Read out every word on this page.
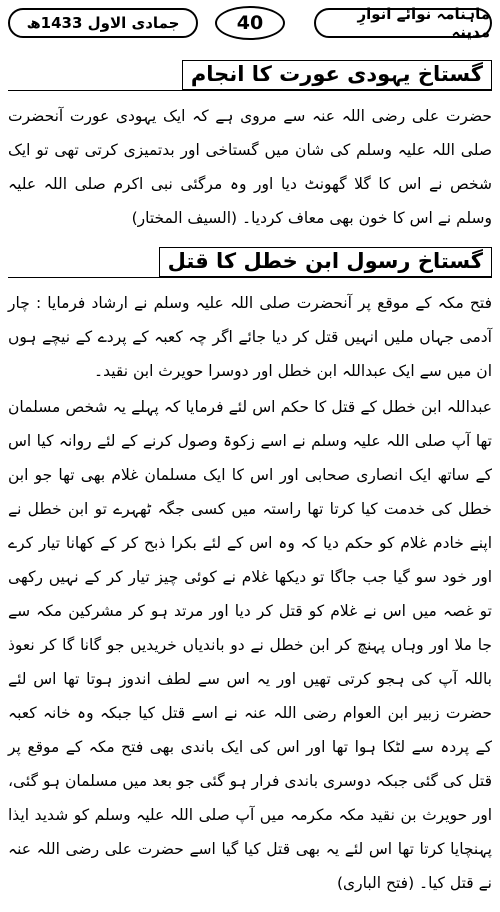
ماہنامہ نوائے انوارِ مدینہ
40
جمادی الاول 1433ھ
گستاخ یہودی عورت کا انجام

حضرت علی رضی اللہ عنہ سے مروی ہے کہ ایک یہودی عورت آنحضرت صلی اللہ علیہ وسلم کی شان میں گستاخی اور بدتمیزی کرتی تھی تو ایک شخص نے اس کا گلا گھونٹ دیا اور وہ مرگئی نبی اکرم صلی اللہ علیہ وسلم نے اس کا خون بھی معاف کردیا۔ (السیف المختار)

گستاخ رسول ابن خطل کا قتل

فتح مکہ کے موقع پر آنحضرت صلی اللہ علیہ وسلم نے ارشاد فرمایا : چار آدمی جہاں ملیں انہیں قتل کر دیا جائے اگر چہ کعبہ کے پردے کے نیچے ہوں ان میں سے ایک عبداللہ ابن خطل اور دوسرا حویرث ابن نقید۔

عبداللہ ابن خطل کے قتل کا حکم اس لئے فرمایا کہ پہلے یہ شخص مسلمان تھا آپ صلی اللہ علیہ وسلم نے اسے زکوۃ وصول کرنے کے لئے روانہ کیا اس کے ساتھ ایک انصاری صحابی اور اس کا ایک مسلمان غلام بھی تھا جو ابن خطل کی خدمت کیا کرتا تھا راستہ میں کسی جگہ ٹھہرے تو ابن خطل نے اپنے خادم غلام کو حکم دیا کہ وہ اس کے لئے بکرا ذبح کر کے کھانا تیار کرے اور خود سو گیا جب جاگا تو دیکھا غلام نے کوئی چیز تیار کر کے نہیں رکھی تو غصہ میں اس نے غلام کو قتل کر دیا اور مرتد ہو کر مشرکین مکہ سے جا ملا اور وہاں پہنچ کر ابن خطل نے دو باندیاں خریدیں جو گانا گا کر نعوذ باللہ آپ کی ہجو کرتی تھیں اور یہ اس سے لطف اندوز ہوتا تھا اس لئے حضرت زبیر ابن العوام رضی اللہ عنہ نے اسے قتل کیا جبکہ وہ خانہ کعبہ کے پردہ سے لٹکا ہوا تھا اور اس کی ایک باندی بھی فتح مکہ کے موقع پر قتل کی گئی جبکہ دوسری باندی فرار ہو گئی جو بعد میں مسلمان ہو گئی، اور حویرث بن نقید مکہ مکرمہ میں آپ صلی اللہ علیہ وسلم کو شدید ایذا پہنچایا کرتا تھا اس لئے یہ بھی قتل کیا گیا اسے حضرت علی رضی اللہ عنہ نے قتل کیا۔ (فتح الباری)
